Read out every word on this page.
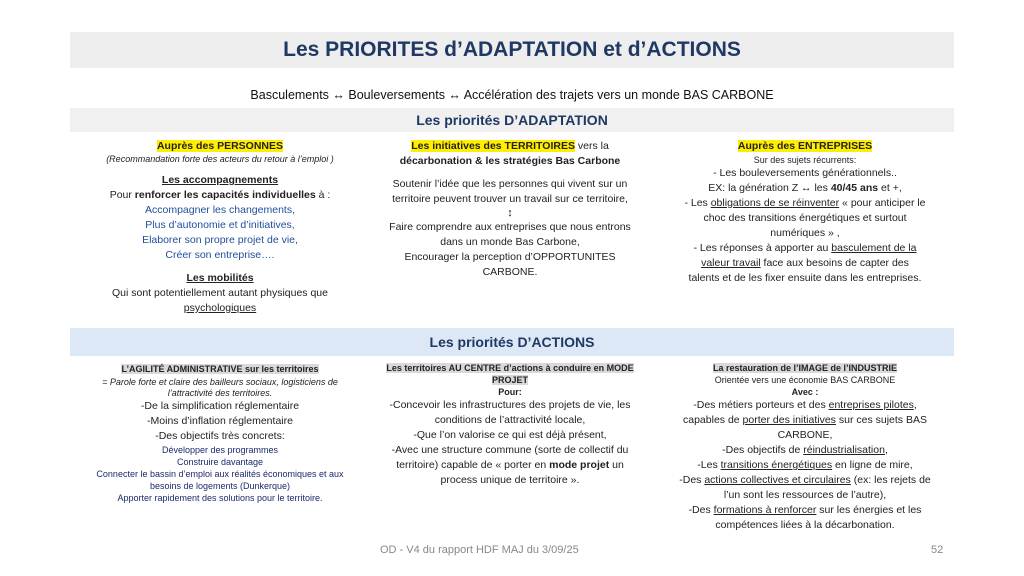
Les PRIORITES d’ADAPTATION et d’ACTIONS
Basculements ↔ Bouleversements ↔ Accélération des trajets vers un monde BAS CARBONE
Les priorités D’ADAPTATION
Auprès des PERSONNES
(Recommandation forte des acteurs du retour à l’emploi )
Les accompagnements
Pour renforcer les capacités individuelles à :
Accompagner les changements,
Plus d’autonomie et d’initiatives,
Elaborer son propre projet de vie,
Créer son entreprise….
Les mobilités
Qui sont potentiellement autant physiques que
psychologiques
Les initiatives des TERRITOIRES vers la
décarbonation & les stratégies Bas Carbone
Soutenir l’idée que les personnes qui vivent sur un
territoire peuvent trouver un travail sur ce territoire,
↕
Faire comprendre aux entreprises que nous entrons
dans un monde Bas Carbone,
Encourager la perception d’OPPORTUNITES
CARBONE.
Auprès des ENTREPRISES
Sur des sujets récurrents:
- Les bouleversements générationnels..
EX: la génération Z ↔ les 40/45 ans et +,
- Les obligations de se réinventer « pour anticiper le
choc des transitions énergétiques et surtout
numériques » ,
- Les réponses à apporter au basculement de la
valeur travail face aux besoins de capter des
talents et de les fixer ensuite dans les entreprises.
Les priorités D’ACTIONS
L’AGILITÉ ADMINISTRATIVE sur les territoires
= Parole forte et claire des bailleurs sociaux, logisticiens de
l’attractivité des territoires.
-De la simplification réglementaire
-Moins d’inflation réglementaire
-Des objectifs très concrets:
Développer des programmes
Construire davantage
Connecter le bassin d’emploi aux réalités économiques et aux
besoins de logements (Dunkerque)
Apporter rapidement des solutions pour le territoire.
Les territoires AU CENTRE d’actions à conduire en MODE
PROJET
Pour:
-Concevoir les infrastructures des projets de vie, les
conditions de l’attractivité locale,
-Que l’on valorise ce qui est déjà présent,
-Avec une structure commune (sorte de collectif du
territoire) capable de « porter en mode projet un
process unique de territoire ».
La restauration de l’IMAGE de l’INDUSTRIE
Orientée vers une économie BAS CARBONE
Avec :
-Des métiers porteurs et des entreprises pilotes,
capables de porter des initiatives sur ces sujets BAS
CARBONE,
-Des objectifs de réindustrialisation,
-Les transitions énergétiques en ligne de mire,
-Des actions collectives et circulaires (ex: les rejets de
l’un sont les ressources de l’autre),
-Des formations à renforcer sur les énergies et les
compétences liées à la décarbonation.
OD - V4 du rapport HDF MAJ du 3/09/25	52
